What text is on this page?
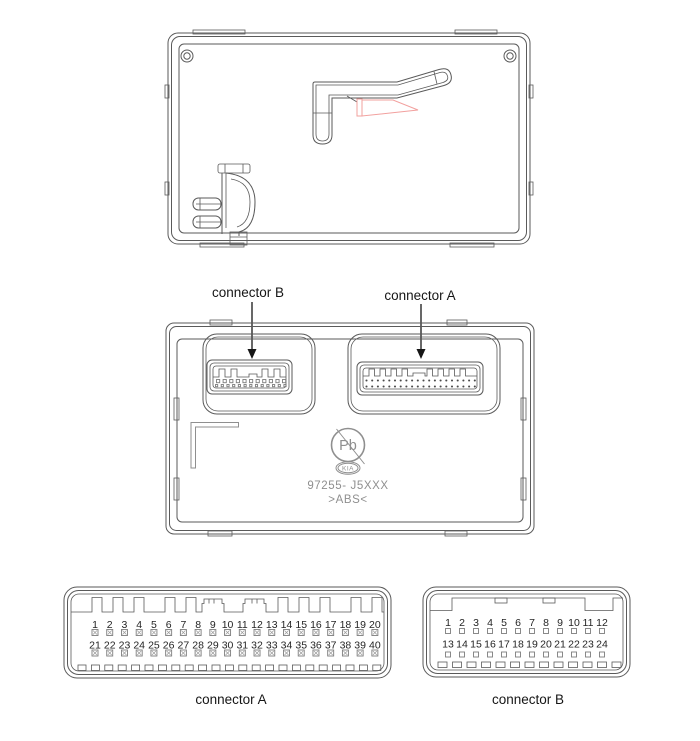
connector B	connector A
Pb
KIA
97255- J5XXX
>ABS<
1 2 3 4 5 6 7 8 9 10 11 12 13 14 15 16 17 18 19 20
21 22 23 24 25 26 27 28 29 30 31 32 33 34 35 36 37 38 39 40
1 2 3 4 5 6 7 8 9 10 11 12
13 14 15 16 17 18 19 20 21 22 23 24
connector A	connector B
